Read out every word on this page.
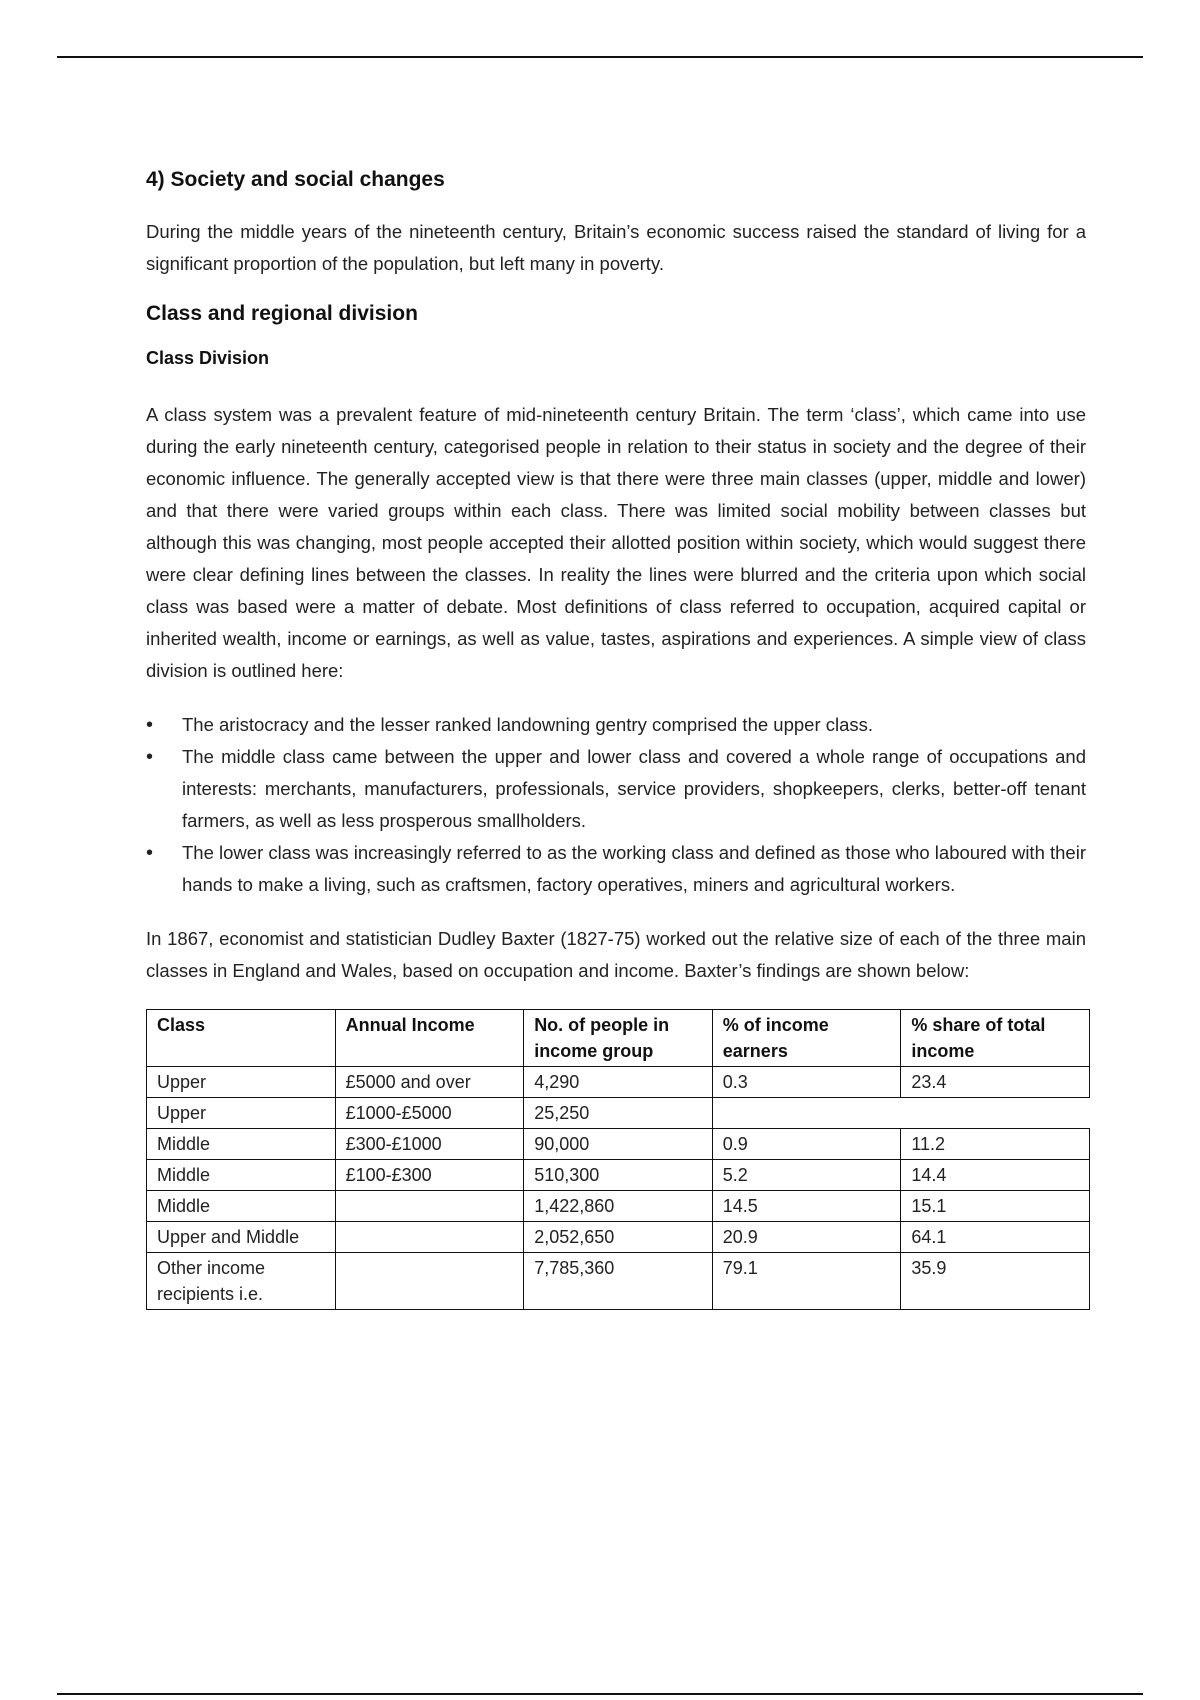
4) Society and social changes

During the middle years of the nineteenth century, Britain’s economic success raised the standard of living for a significant proportion of the population, but left many in poverty.

Class and regional division
Class Division

A class system was a prevalent feature of mid-nineteenth century Britain. The term ‘class’, which came into use during the early nineteenth century, categorised people in relation to their status in society and the degree of their economic influence. The generally accepted view is that there were three main classes (upper, middle and lower) and that there were varied groups within each class. There was limited social mobility between classes but although this was changing, most people accepted their allotted position within society, which would suggest there were clear defining lines between the classes. In reality the lines were blurred and the criteria upon which social class was based were a matter of debate. Most definitions of class referred to occupation, acquired capital or inherited wealth, income or earnings, as well as value, tastes, aspirations and experiences. A simple view of class division is outlined here:

• The aristocracy and the lesser ranked landowning gentry comprised the upper class.
• The middle class came between the upper and lower class and covered a whole range of occupations and interests: merchants, manufacturers, professionals, service providers, shopkeepers, clerks, better-off tenant farmers, as well as less prosperous smallholders.
• The lower class was increasingly referred to as the working class and defined as those who laboured with their hands to make a living, such as craftsmen, factory operatives, miners and agricultural workers.

In 1867, economist and statistician Dudley Baxter (1827-75) worked out the relative size of each of the three main classes in England and Wales, based on occupation and income. Baxter’s findings are shown below:

Class	Annual Income	No. of people in income group	% of income earners	% share of total income
Upper	£5000 and over	4,290	0.3	23.4
Upper	£1000-£5000	25,250		
Middle	£300-£1000	90,000	0.9	11.2
Middle	£100-£300	510,300	5.2	14.4
Middle		1,422,860	14.5	15.1
Upper and Middle		2,052,650	20.9	64.1
Other income recipients i.e.		7,785,360	79.1	35.9
